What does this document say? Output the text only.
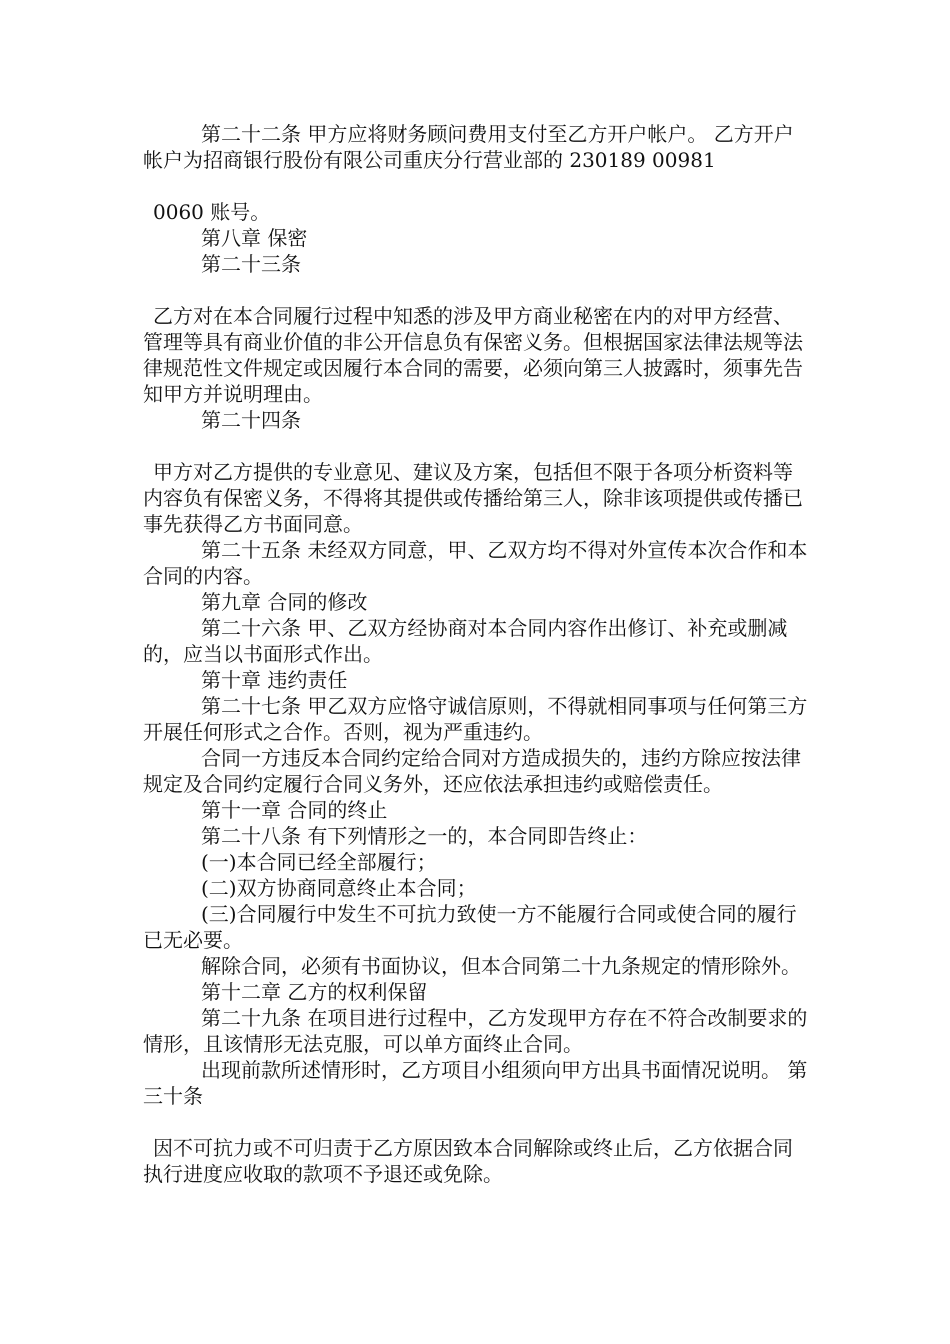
第二十二条 甲方应将财务顾问费用支付至乙方开户帐户。 乙方开户帐户为招商银行股份有限公司重庆分行营业部的 230189 00981

0060 账号。

第八章 保密

第二十三条

乙方对在本合同履行过程中知悉的涉及甲方商业秘密在内的对甲方经营、管理等具有商业价值的非公开信息负有保密义务。但根据国家法律法规等法律规范性文件规定或因履行本合同的需要，必须向第三人披露时，须事先告知甲方并说明理由。

第二十四条

甲方对乙方提供的专业意见、建议及方案，包括但不限于各项分析资料等内容负有保密义务，不得将其提供或传播给第三人，除非该项提供或传播已事先获得乙方书面同意。

第二十五条 未经双方同意，甲、乙双方均不得对外宣传本次合作和本合同的内容。

第九章 合同的修改

第二十六条 甲、乙双方经协商对本合同内容作出修订、补充或删减的，应当以书面形式作出。

第十章 违约责任

第二十七条 甲乙双方应恪守诚信原则，不得就相同事项与任何第三方开展任何形式之合作。否则，视为严重违约。

合同一方违反本合同约定给合同对方造成损失的，违约方除应按法律规定及合同约定履行合同义务外，还应依法承担违约或赔偿责任。

第十一章 合同的终止

第二十八条 有下列情形之一的，本合同即告终止：

(一)本合同已经全部履行；

(二)双方协商同意终止本合同；

(三)合同履行中发生不可抗力致使一方不能履行合同或使合同的履行已无必要。

解除合同，必须有书面协议，但本合同第二十九条规定的情形除外。

第十二章 乙方的权利保留

第二十九条 在项目进行过程中，乙方发现甲方存在不符合改制要求的情形，且该情形无法克服，可以单方面终止合同。

出现前款所述情形时，乙方项目小组须向甲方出具书面情况说明。 第三十条

因不可抗力或不可归责于乙方原因致本合同解除或终止后，乙方依据合同执行进度应收取的款项不予退还或免除。
